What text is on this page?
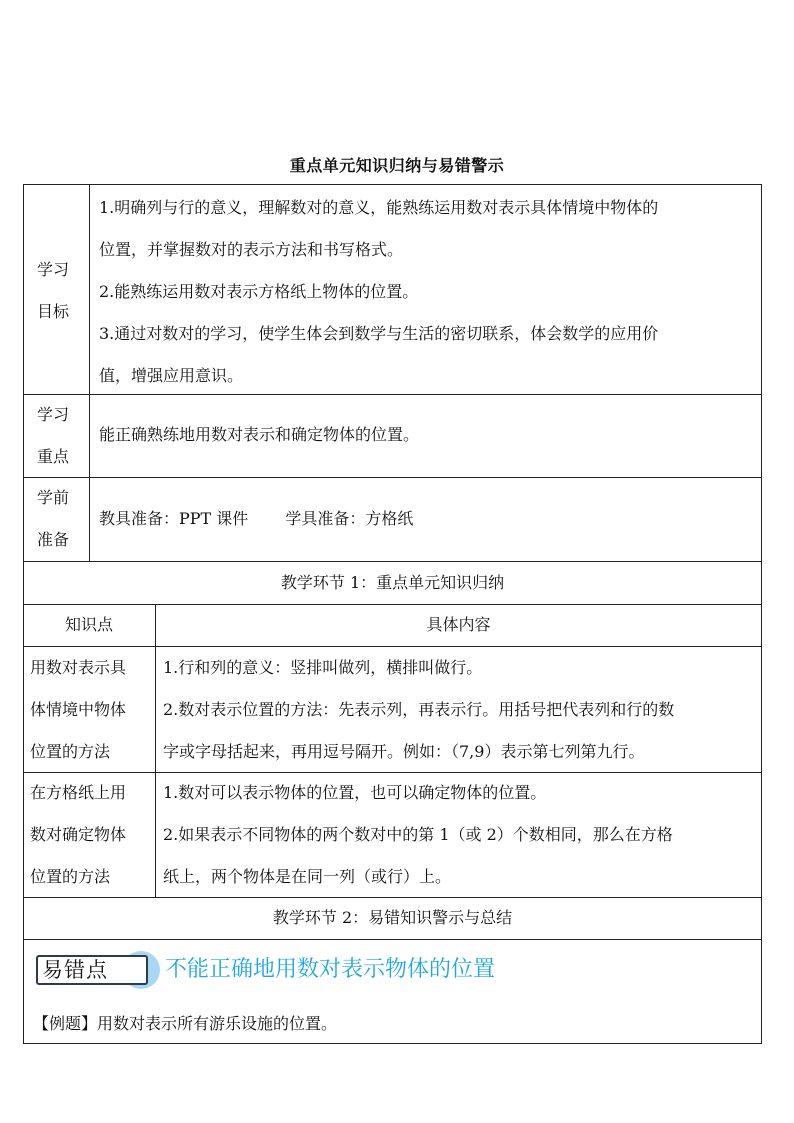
重点单元知识归纳与易错警示
学习
目标
1.明确列与行的意义，理解数对的意义，能熟练运用数对表示具体情境中物体的
位置，并掌握数对的表示方法和书写格式。
2.能熟练运用数对表示方格纸上物体的位置。
3.通过对数对的学习，使学生体会到数学与生活的密切联系，体会数学的应用价
值，增强应用意识。
学习
重点
能正确熟练地用数对表示和确定物体的位置。
学前
准备
教具准备：PPT 课件　　 学具准备：方格纸
教学环节 1：重点单元知识归纳
知识点	具体内容
用数对表示具
体情境中物体
位置的方法
1.行和列的意义：竖排叫做列，横排叫做行。
2.数对表示位置的方法：先表示列，再表示行。用括号把代表列和行的数
字或字母括起来，再用逗号隔开。例如：（7,9）表示第七列第九行。
在方格纸上用
数对确定物体
位置的方法
1.数对可以表示物体的位置，也可以确定物体的位置。
2.如果表示不同物体的两个数对中的第 1（或 2）个数相同，那么在方格
纸上，两个物体是在同一列（或行）上。
教学环节 2：易错知识警示与总结
易错点	不能正确地用数对表示物体的位置
【例题】用数对表示所有游乐设施的位置。
